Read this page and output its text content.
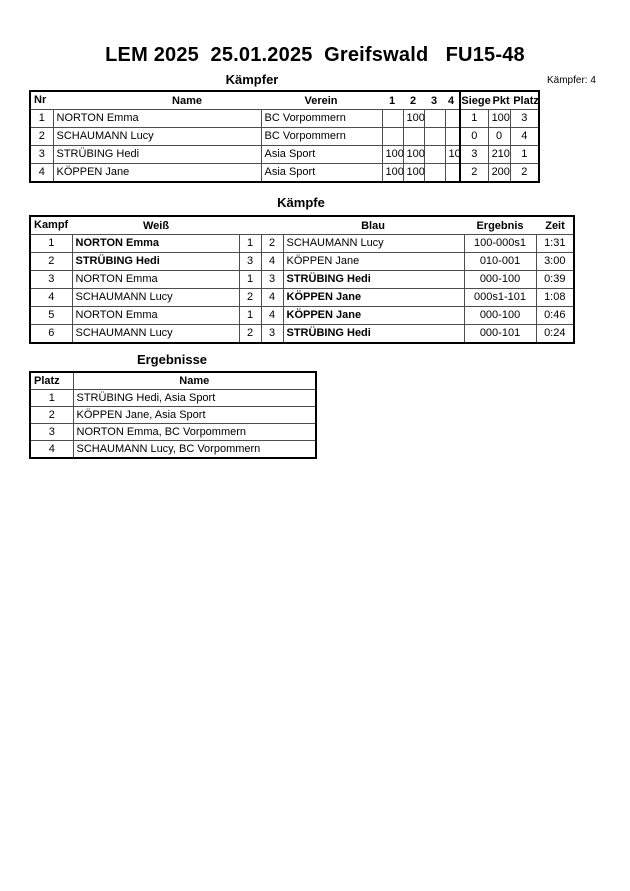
LEM 2025  25.01.2025  Greifswald   FU15-48
Kämpfer	Kämpfer: 4
Nr	Name	Verein	1 2 3 4	Siege Pkt Platz

1	NORTON Emma	BC Vorpommern		100			1	100	3
2	SCHAUMANN Lucy	BC Vorpommern					0	0	4
3	STRÜBING Hedi	Asia Sport	100	100		10	3	210	1
4	KÖPPEN Jane	Asia Sport	100	100			2	200	2
Kämpfe
Kampf	Weiß Blau Ergebnis Zeit					

1	NORTON Emma	1	2	SCHAUMANN Lucy	100-000s1	1:31
2	STRÜBING Hedi	3	4	KÖPPEN Jane	010-001	3:00
3	NORTON Emma	1	3	STRÜBING Hedi	000-100	0:39
4	SCHAUMANN Lucy	2	4	KÖPPEN Jane	000s1-101	1:08
5	NORTON Emma	1	4	KÖPPEN Jane	000-100	0:46
6	SCHAUMANN Lucy	2	3	STRÜBING Hedi	000-101	0:24
Ergebnisse
Platz	Name
1	STRÜBING Hedi, Asia Sport
2	KÖPPEN Jane, Asia Sport
3	NORTON Emma, BC Vorpommern
4	SCHAUMANN Lucy, BC Vorpommern
